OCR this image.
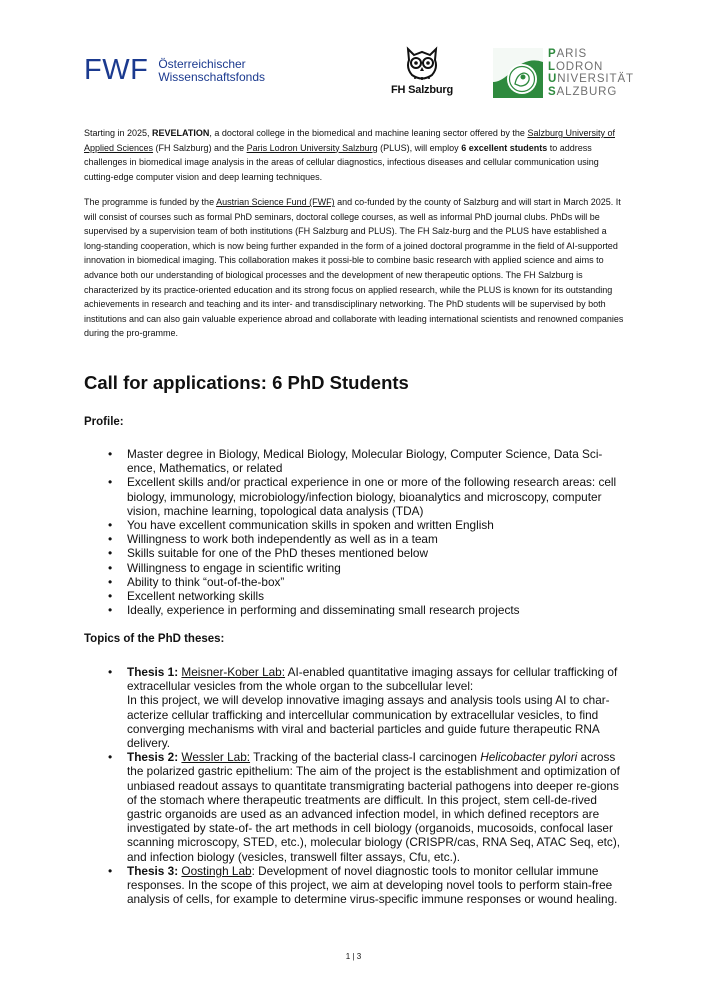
FWF Österreichischer
Wissenschaftsfonds
FH Salzburg
PARIS
LODRON
UNIVERSITÄT
SALZBURG

Starting in 2025, REVELATION, a doctoral college in the biomedical and machine leaning sector offered by the Salzburg University of Applied Sciences (FH Salzburg) and the Paris Lodron University Salzburg (PLUS), will employ 6 excellent students to address challenges in biomedical image analysis in the areas of cellular diagnostics, infectious diseases and cellular communication using cutting-edge computer vision and deep learning techniques.

The programme is funded by the Austrian Science Fund (FWF) and co-funded by the county of Salzburg and will start in March 2025. It will consist of courses such as formal PhD seminars, doctoral college courses, as well as informal PhD journal clubs. PhDs will be supervised by a supervision team of both institutions (FH Salzburg and PLUS). The FH Salz-burg and the PLUS have established a long-standing cooperation, which is now being further expanded in the form of a joined doctoral programme in the field of AI-supported innovation in biomedical imaging. This collaboration makes it possi-ble to combine basic research with applied science and aims to advance both our understanding of biological processes and the development of new therapeutic options. The FH Salzburg is characterized by its practice-oriented education and its strong focus on applied research, while the PLUS is known for its outstanding achievements in research and teaching and its inter- and transdisciplinary networking. The PhD students will be supervised by both institutions and can also gain valuable experience abroad and collaborate with leading international scientists and renowned companies during the pro-gramme.

Call for applications: 6 PhD Students

Profile:

• Master degree in Biology, Medical Biology, Molecular Biology, Computer Science, Data Sci-ence, Mathematics, or related
• Excellent skills and/or practical experience in one or more of the following research areas: cell biology, immunology, microbiology/infection biology, bioanalytics and microscopy, computer vision, machine learning, topological data analysis (TDA)
• You have excellent communication skills in spoken and written English
• Willingness to work both independently as well as in a team
• Skills suitable for one of the PhD theses mentioned below
• Willingness to engage in scientific writing
• Ability to think “out-of-the-box”
• Excellent networking skills
• Ideally, experience in performing and disseminating small research projects

Topics of the PhD theses:

• Thesis 1: Meisner-Kober Lab: AI-enabled quantitative imaging assays for cellular trafficking of extracellular vesicles from the whole organ to the subcellular level:
In this project, we will develop innovative imaging assays and analysis tools using AI to char-acterize cellular trafficking and intercellular communication by extracellular vesicles, to find converging mechanisms with viral and bacterial particles and guide future therapeutic RNA delivery.
• Thesis 2: Wessler Lab: Tracking of the bacterial class-I carcinogen Helicobacter pylori across the polarized gastric epithelium: The aim of the project is the establishment and optimization of unbiased readout assays to quantitate transmigrating bacterial pathogens into deeper re-gions of the stomach where therapeutic treatments are difficult. In this project, stem cell-de-rived gastric organoids are used as an advanced infection model, in which defined receptors are investigated by state-of- the art methods in cell biology (organoids, mucosoids, confocal laser scanning microscopy, STED, etc.), molecular biology (CRISPR/cas, RNA Seq, ATAC Seq, etc), and infection biology (vesicles, transwell filter assays, Cfu, etc.).
• Thesis 3: Oostingh Lab: Development of novel diagnostic tools to monitor cellular immune responses. In the scope of this project, we aim at developing novel tools to perform stain-free analysis of cells, for example to determine virus-specific immune responses or wound healing.
1 | 3
